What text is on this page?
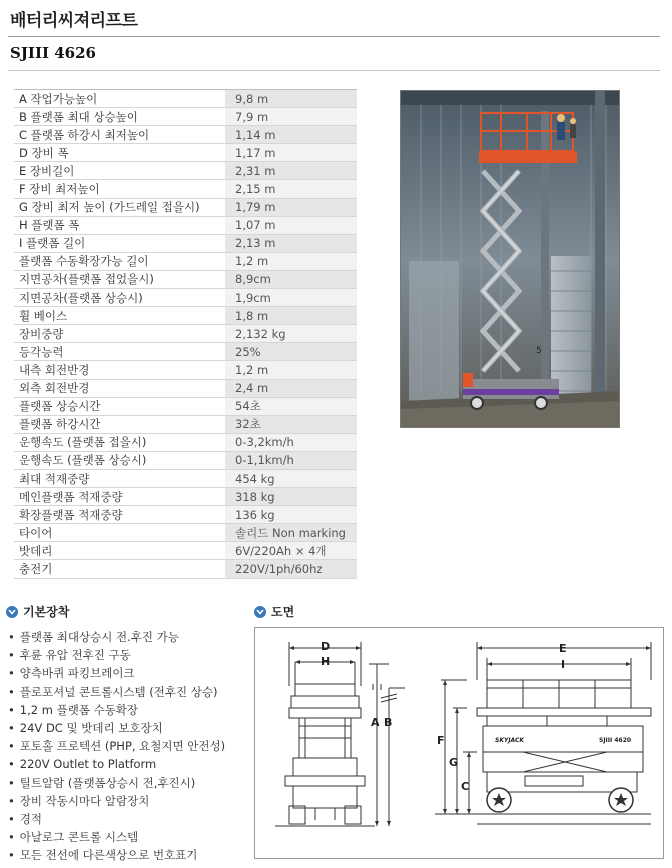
배터리씨져리프트
SJIII 4626
A 작업가능높이	9,8 m
B 플랫폼 최대 상승높이	7,9 m
C 플랫폼 하강시 최저높이	1,14 m
D 장비 폭	1,17 m
E 장비길이	2,31 m
F 장비 최저높이	2,15 m
G 장비 최저 높이 (가드레일 접을시)	1,79 m
H 플랫폼 폭	1,07 m
I 플랫폼 길이	2,13 m
플랫폼 수동확장가능 길이	1,2 m
지면공차(플랫폼 접었을시)	8,9cm
지면공차(플랫폼 상승시)	1,9cm
휠 베이스	1,8 m
장비중량	2,132 kg
등각능력	25%
내측 회전반경	1,2 m
외측 회전반경	2,4 m
플랫폼 상승시간	54초
플랫폼 하강시간	32초
운행속도 (플랫폼 접을시)	0-3,2km/h
운행속도 (플랫폼 상승시)	0-1,1km/h
최대 적재중량	454 kg
메인플랫폼 적재중량	318 kg
확장플랫폼 적재중량	136 kg
타이어	솔리드 Non marking
밧데리	6V/220Ah × 4개
충전기	220V/1ph/60hz
5
기본장착
• 플랫폼 최대상승시 전.후진 가능
• 후륜 유압 전후진 구동
• 양측바퀴 파킹브레이크
• 플로포셔널 콘트롤시스템 (전후진 상승)
• 1,2 m 플랫폼 수동확장
• 24V DC 및 밧데리 보호장치
• 포토홀 프로텍션 (PHP, 요철지면 안전성)
• 220V Outlet to Platform
• 틸트알람 (플랫폼상승시 전,후진시)
• 장비 작동시마다 알람장치
• 경적
• 아날로그 콘트롤 시스템
• 모든 전선에 다른색상으로 번호표기
도면
D
H
A B
E
I
F
G
C
SKYJACK	SJIII 4620
